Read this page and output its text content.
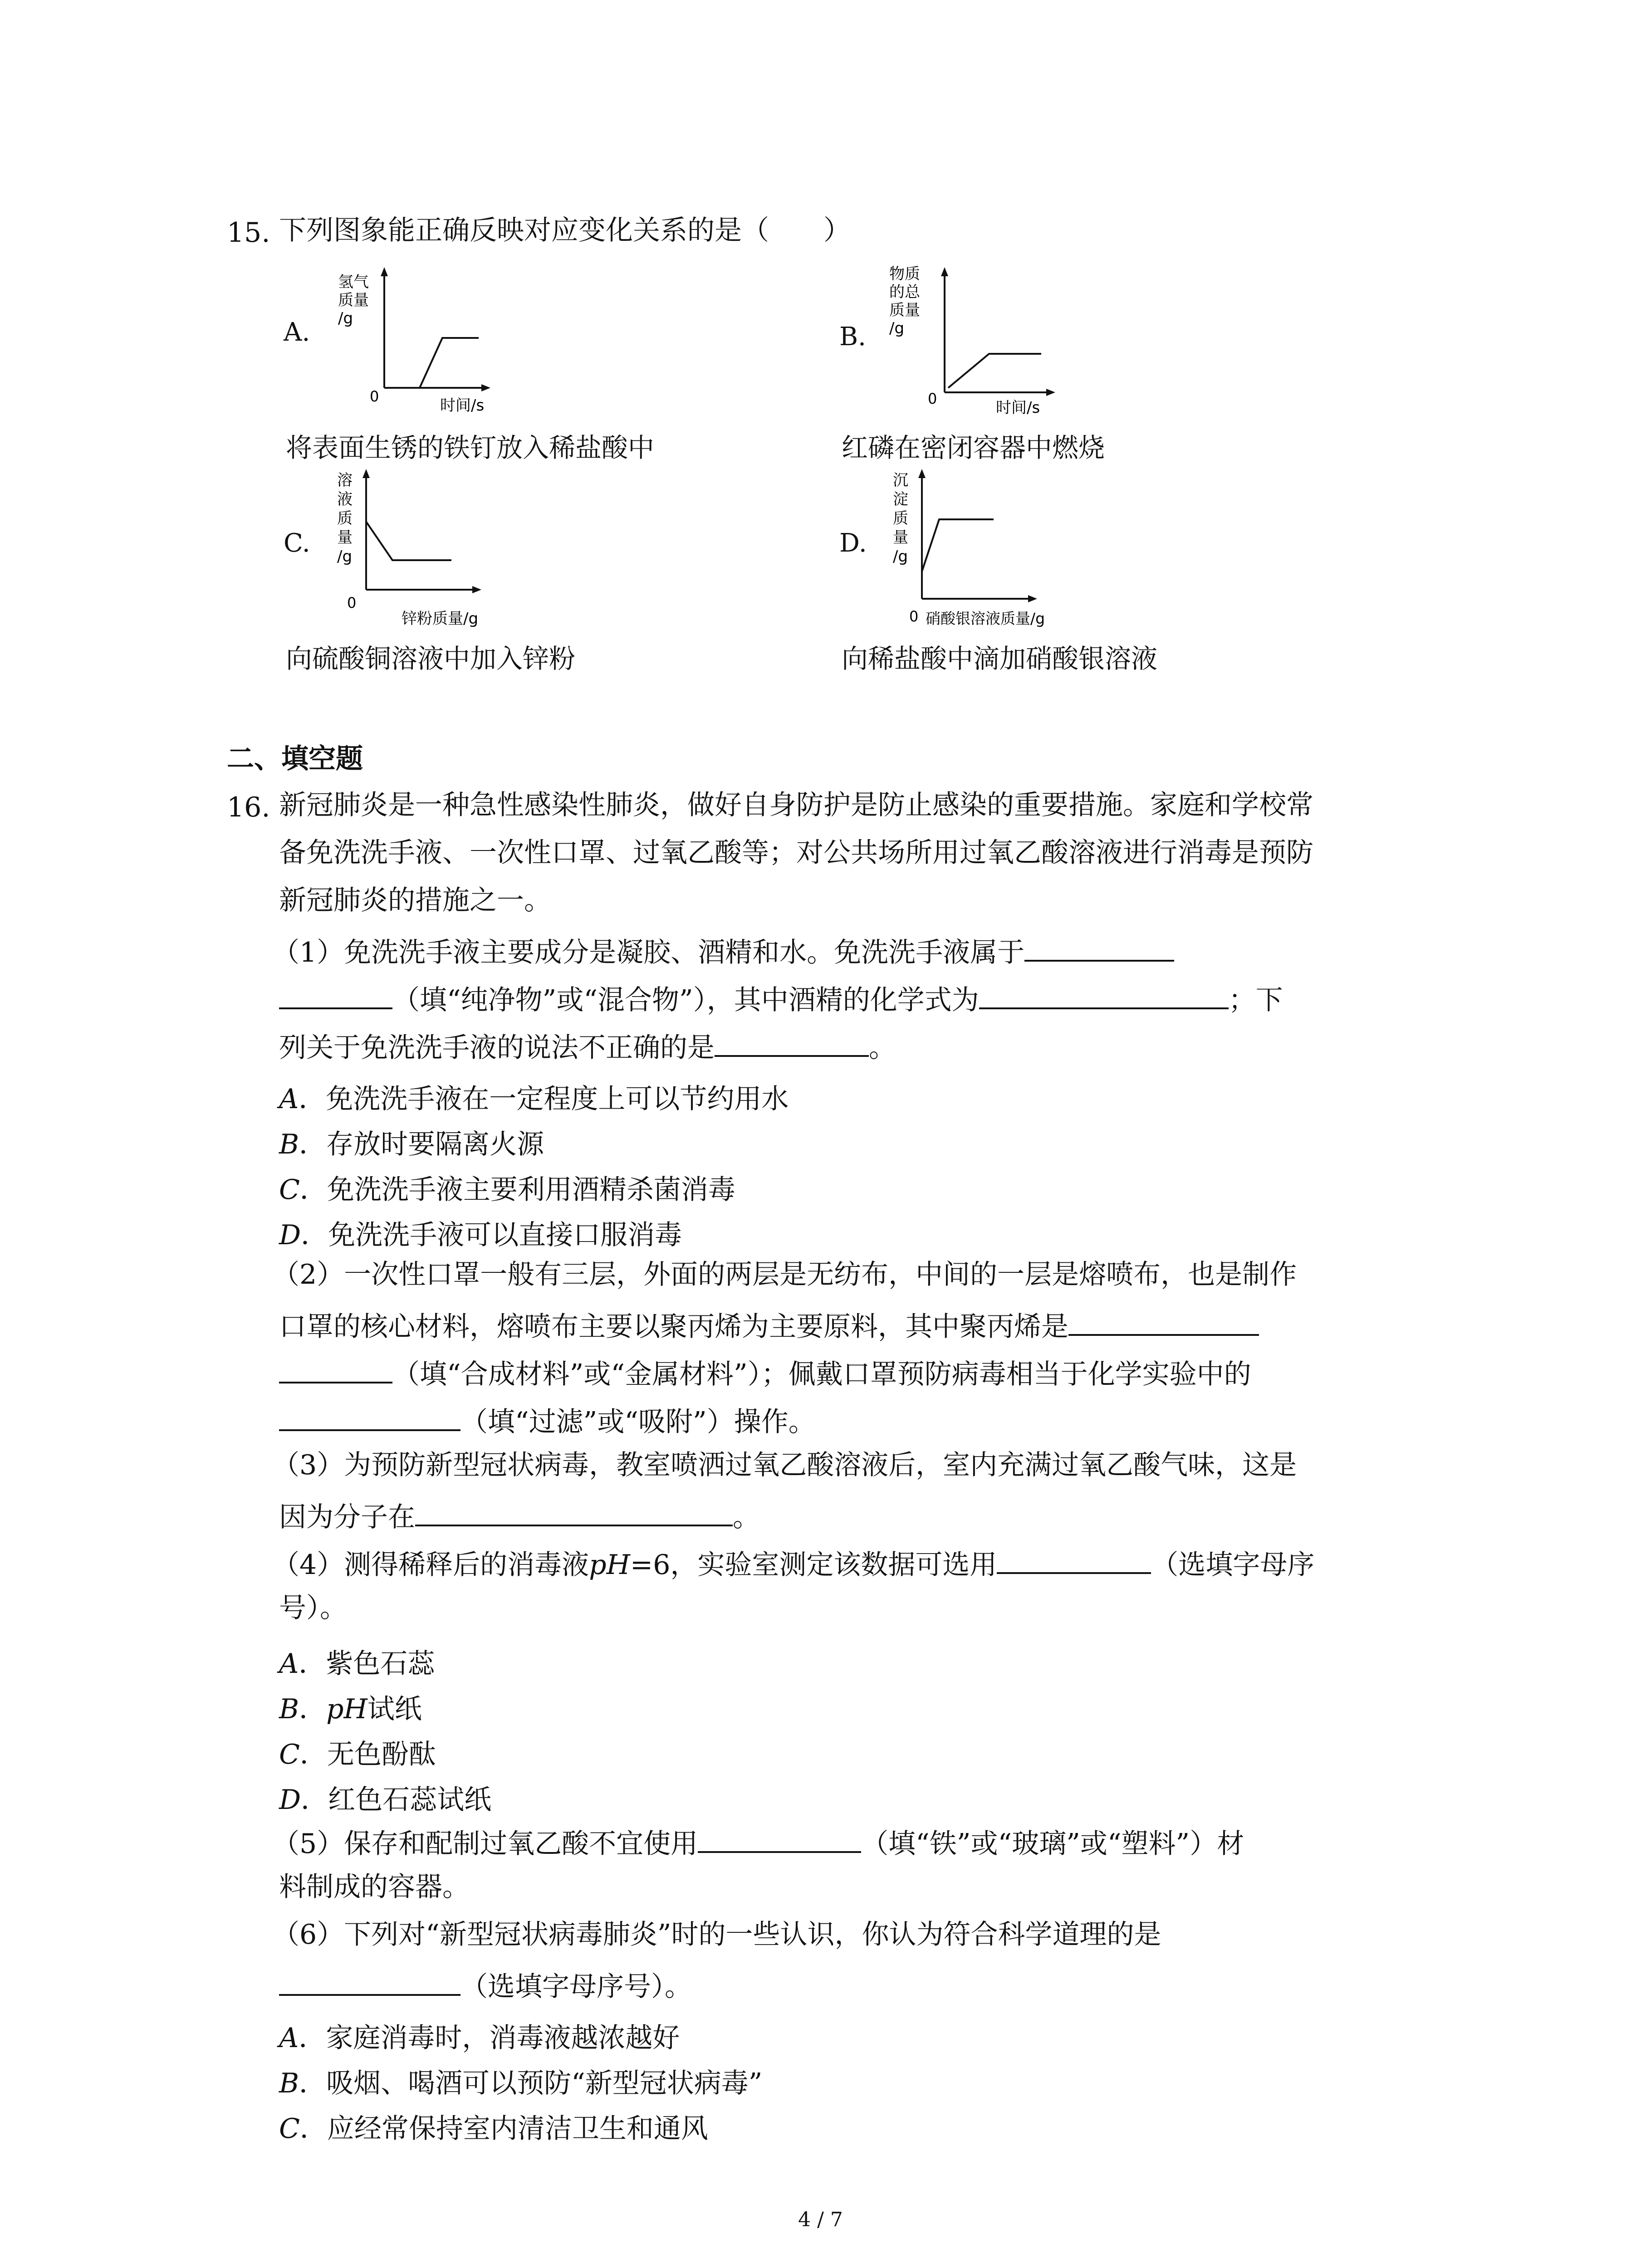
15. 下列图象能正确反映对应变化关系的是（　　）
A.
氢气
质量
/g
0	时间/s
将表面生锈的铁钉放入稀盐酸中
B.
物质
的总
质量
/g
0	时间/s
红磷在密闭容器中燃烧
C.
溶
液
质
量
/g
0
锌粉质量/g
向硫酸铜溶液中加入锌粉
D.
沉
淀
质
量
/g
0 硝酸银溶液质量/g
向稀盐酸中滴加硝酸银溶液
二、填空题
16. 新冠肺炎是一种急性感染性肺炎，做好自身防护是防止感染的重要措施。家庭和学校常
备免洗洗手液、一次性口罩、过氧乙酸等；对公共场所用过氧乙酸溶液进行消毒是预防
新冠肺炎的措施之一。
（1）免洗洗手液主要成分是凝胶、酒精和水。免洗洗手液属于
（填“纯净物”或“混合物”），其中酒精的化学式为	；下
列关于免洗洗手液的说法不正确的是	。
A．免洗洗手液在一定程度上可以节约用水
B．存放时要隔离火源
C．免洗洗手液主要利用酒精杀菌消毒
D．免洗洗手液可以直接口服消毒
（2）一次性口罩一般有三层，外面的两层是无纺布，中间的一层是熔喷布，也是制作
口罩的核心材料，熔喷布主要以聚丙烯为主要原料，其中聚丙烯是
（填“合成材料”或“金属材料”）；佩戴口罩预防病毒相当于化学实验中的
（填“过滤”或“吸附”）操作。
（3）为预防新型冠状病毒，教室喷洒过氧乙酸溶液后，室内充满过氧乙酸气味，这是
因为分子在	。
（4）测得稀释后的消毒液pH=6，实验室测定该数据可选用	（选填字母序
号）。
A．紫色石蕊
B．pH试纸
C．无色酚酞
D．红色石蕊试纸
（5）保存和配制过氧乙酸不宜使用	（填“铁”或“玻璃”或“塑料”）材
料制成的容器。
（6）下列对“新型冠状病毒肺炎”时的一些认识，你认为符合科学道理的是
（选填字母序号）。
A．家庭消毒时，消毒液越浓越好
B．吸烟、喝酒可以预防“新型冠状病毒”
C．应经常保持室内清洁卫生和通风
4 / 7
